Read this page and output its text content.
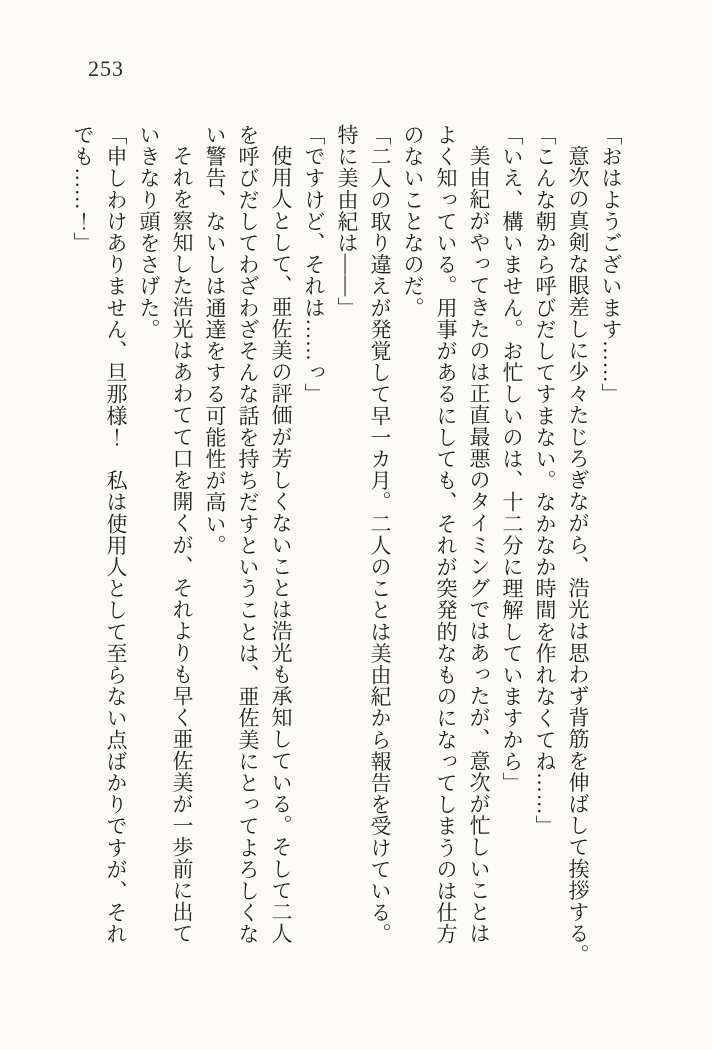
253

「おはようございます……」

意次の真剣な眼差しに少々たじろぎながら、浩光は思わず背筋を伸ばして挨拶する。

「こんな朝から呼びだしてすまない。なかなか時間を作れなくてね……」

「いえ、構いません。お忙しいのは、十二分に理解していますから」

美由紀がやってきたのは正直最悪のタイミングではあったが、意次が忙しいことは

よく知っている。用事があるにしても、それが突発的なものになってしまうのは仕方

のないことなのだ。

「二人の取り違えが発覚して早一カ月。二人のことは美由紀から報告を受けている。

特に美由紀は――」

「ですけど、それは……っ」

使用人として、亜佐美の評価が芳しくないことは浩光も承知している。そして二人

を呼びだしてわざわざそんな話を持ちだすということは、亜佐美にとってよろしくな

い警告、ないしは通達をする可能性が高い。

それを察知した浩光はあわてて口を開くが、それよりも早く亜佐美が一歩前に出て

いきなり頭をさげた。

「申しわけありません、旦那様！　私は使用人として至らない点ばかりですが、それ

でも……！」
